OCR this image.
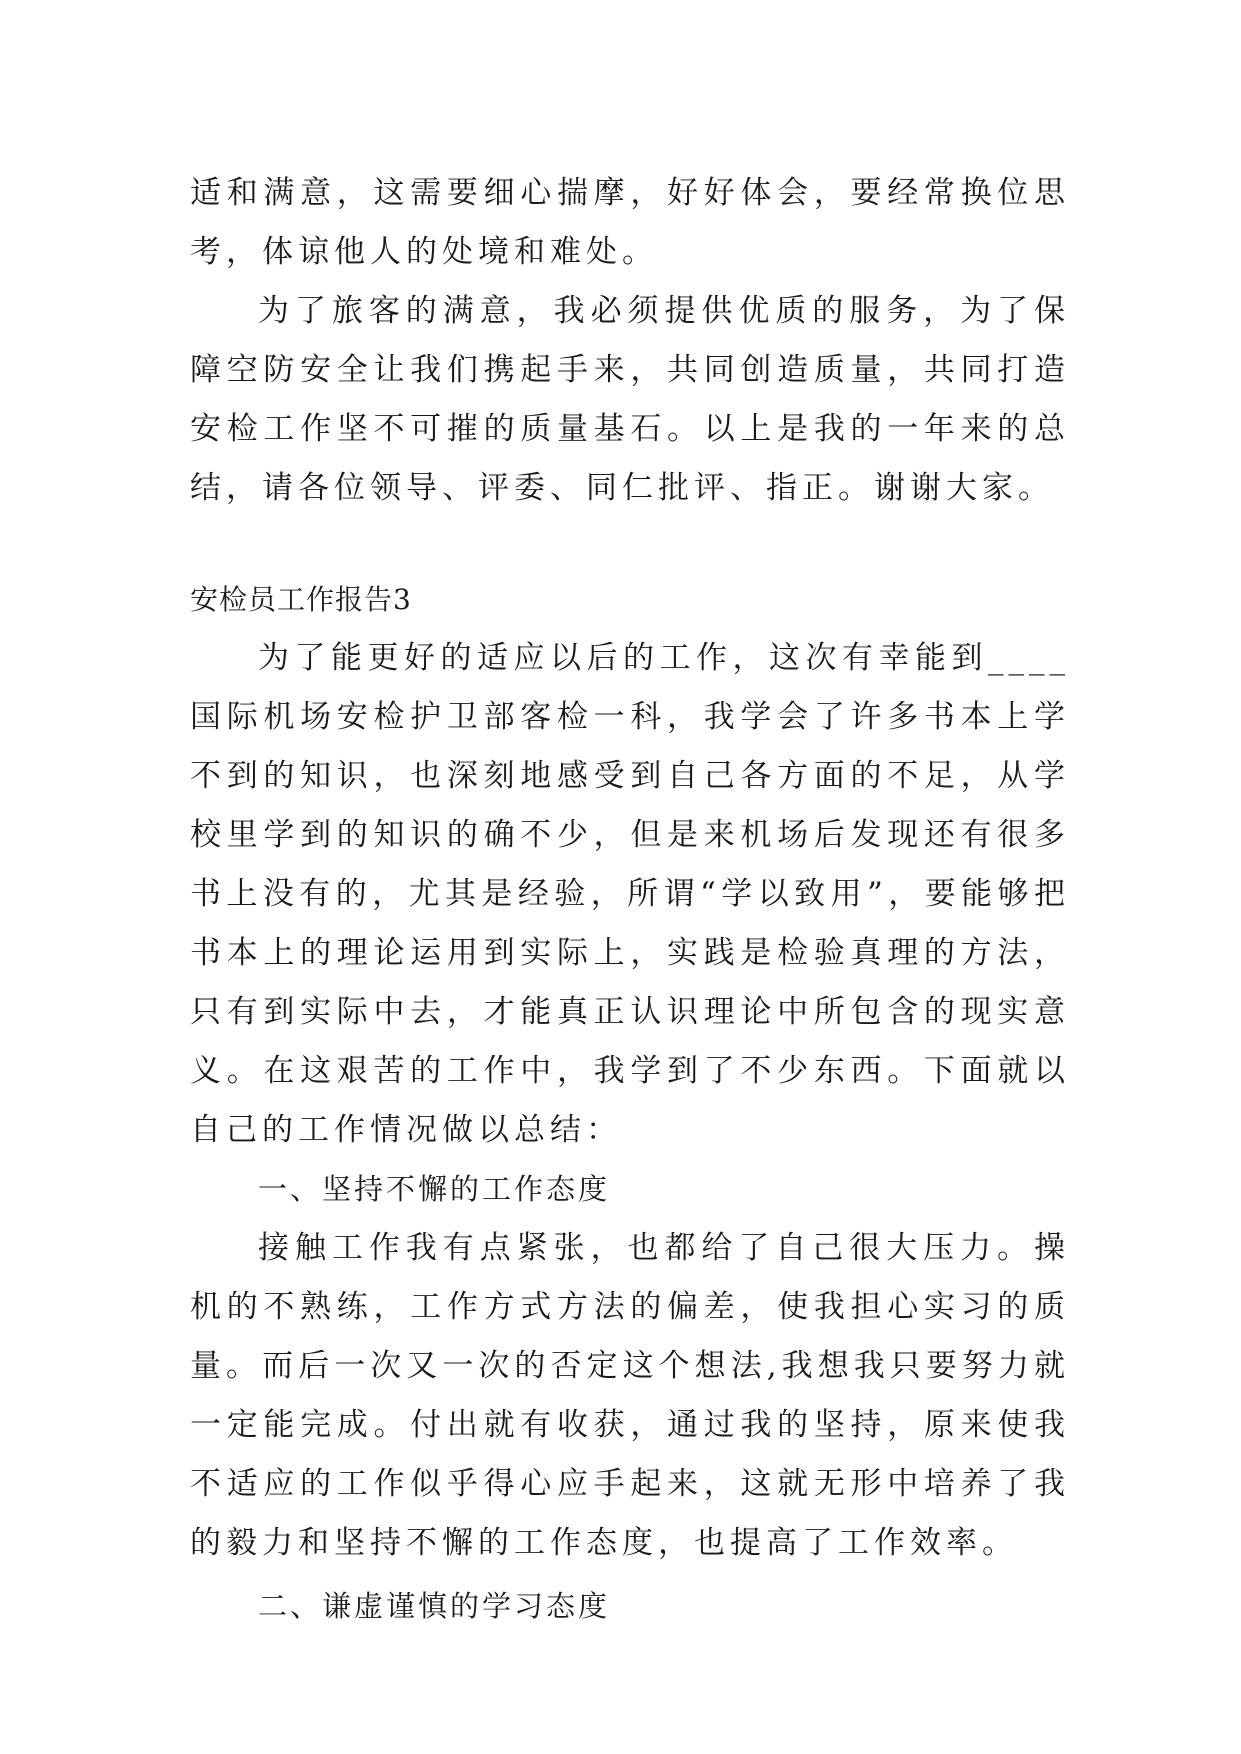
适和满意，这需要细心揣摩，好好体会，要经常换位思考，体谅他人的处境和难处。

为了旅客的满意，我必须提供优质的服务，为了保障空防安全让我们携起手来，共同创造质量，共同打造安检工作坚不可摧的质量基石。以上是我的一年来的总结，请各位领导、评委、同仁批评、指正。谢谢大家。

安检员工作报告3

为了能更好的适应以后的工作，这次有幸能到____国际机场安检护卫部客检一科，我学会了许多书本上学不到的知识，也深刻地感受到自己各方面的不足，从学校里学到的知识的确不少，但是来机场后发现还有很多书上没有的，尤其是经验，所谓“学以致用”，要能够把书本上的理论运用到实际上，实践是检验真理的方法，只有到实际中去，才能真正认识理论中所包含的现实意义。在这艰苦的工作中，我学到了不少东西。下面就以自己的工作情况做以总结：

一、坚持不懈的工作态度

接触工作我有点紧张，也都给了自己很大压力。操机的不熟练，工作方式方法的偏差，使我担心实习的质量。而后一次又一次的否定这个想法,我想我只要努力就一定能完成。付出就有收获，通过我的坚持，原来使我不适应的工作似乎得心应手起来，这就无形中培养了我的毅力和坚持不懈的工作态度，也提高了工作效率。

二、谦虚谨慎的学习态度
